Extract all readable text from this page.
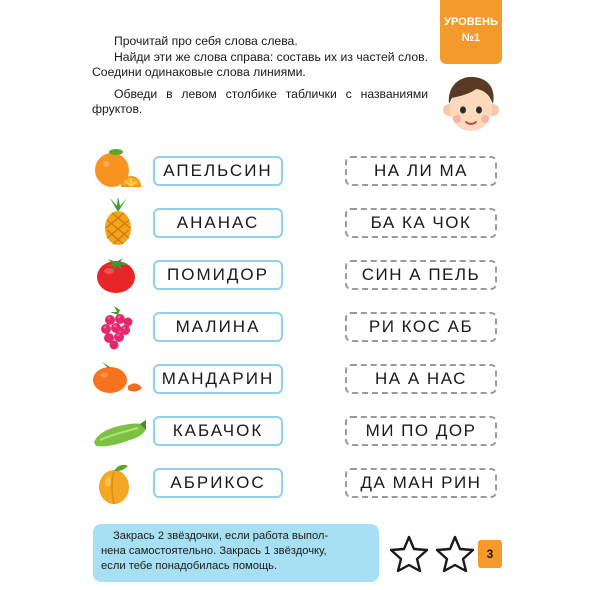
УРОВЕНЬ
№1

Прочитай про себя слова слева.

Найди эти же слова справа: составь их из частей слов. Соедини одинаковые слова линиями.

Обведи в левом столбике таблички с названиями фруктов.

АПЕЛЬСИН	НА ЛИ МА
АНАНАС	БА КА ЧОК
ПОМИДОР	СИН А ПЕЛЬ
МАЛИНА	РИ КОС АБ
МАНДАРИН	НА А НАС
КАБАЧОК	МИ ПО ДОР
АБРИКОС	ДА МАН РИН
Закрась 2 звёздочки, если работа выпол-
нена самостоятельно. Закрась 1 звёздочку,
если тебе понадобилась помощь.
3
